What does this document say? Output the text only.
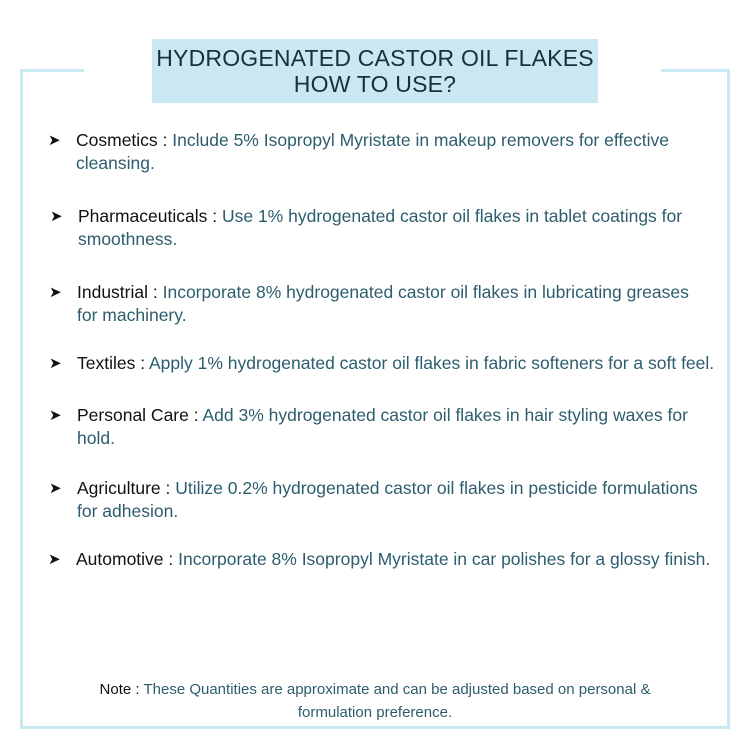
HYDROGENATED CASTOR OIL FLAKES
HOW TO USE?
➤ Cosmetics : Include 5% Isopropyl Myristate in makeup removers for effective cleansing.
➤ Pharmaceuticals : Use 1% hydrogenated castor oil flakes in tablet coatings for smoothness.
➤ Industrial : Incorporate 8% hydrogenated castor oil flakes in lubricating greases for machinery.
➤ Textiles : Apply 1% hydrogenated castor oil flakes in fabric softeners for a soft feel.
➤ Personal Care : Add 3% hydrogenated castor oil flakes in hair styling waxes for hold.
➤ Agriculture : Utilize 0.2% hydrogenated castor oil flakes in pesticide formulations for adhesion.
➤ Automotive : Incorporate 8% Isopropyl Myristate in car polishes for a glossy finish.
Note : These Quantities are approximate and can be adjusted based on personal & formulation preference.
